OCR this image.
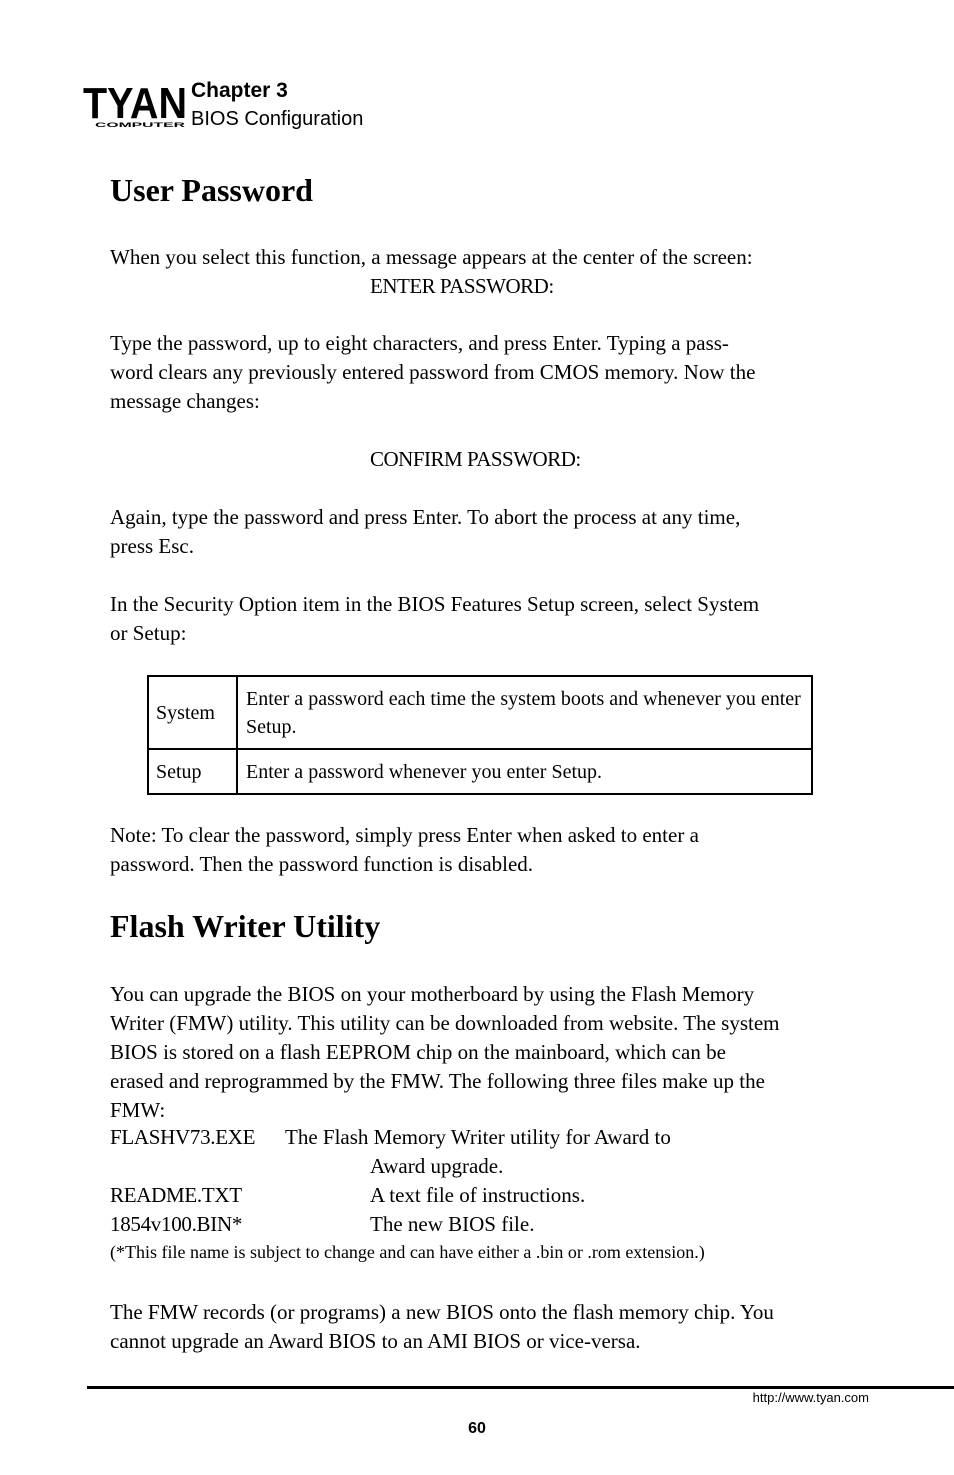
TYAN
COMPUTER
Chapter 3
BIOS Configuration
User Password

When you select this function, a message appears at the center of the screen:

ENTER PASSWORD:

Type the password, up to eight characters, and press Enter. Typing a pass-

word clears any previously entered password from CMOS memory. Now the

message changes:

CONFIRM PASSWORD:

Again, type the password and press Enter. To abort the process at any time,

press Esc.

In the Security Option item in the BIOS Features Setup screen, select System

or Setup:

System	Enter a password each time the system boots and whenever you enter Setup.
Setup	Enter a password whenever you enter Setup.

Note: To clear the password, simply press Enter when asked to enter a

password. Then the password function is disabled.

Flash Writer Utility

You can upgrade the BIOS on your motherboard by using the Flash Memory

Writer (FMW) utility. This utility can be downloaded from website. The system

BIOS is stored on a flash EEPROM chip on the mainboard, which can be

erased and reprogrammed by the FMW. The following three files make up the

FMW:

FLASHV73.EXE The Flash Memory Writer utility for Award to
Award upgrade.
README.TXT	A text file of instructions.
1854v100.BIN*	The new BIOS file.
(*This file name is subject to change and can have either a .bin or .rom extension.)

The FMW records (or programs) a new BIOS onto the flash memory chip. You

cannot upgrade an Award BIOS to an AMI BIOS or vice-versa.

http://www.tyan.com
60
